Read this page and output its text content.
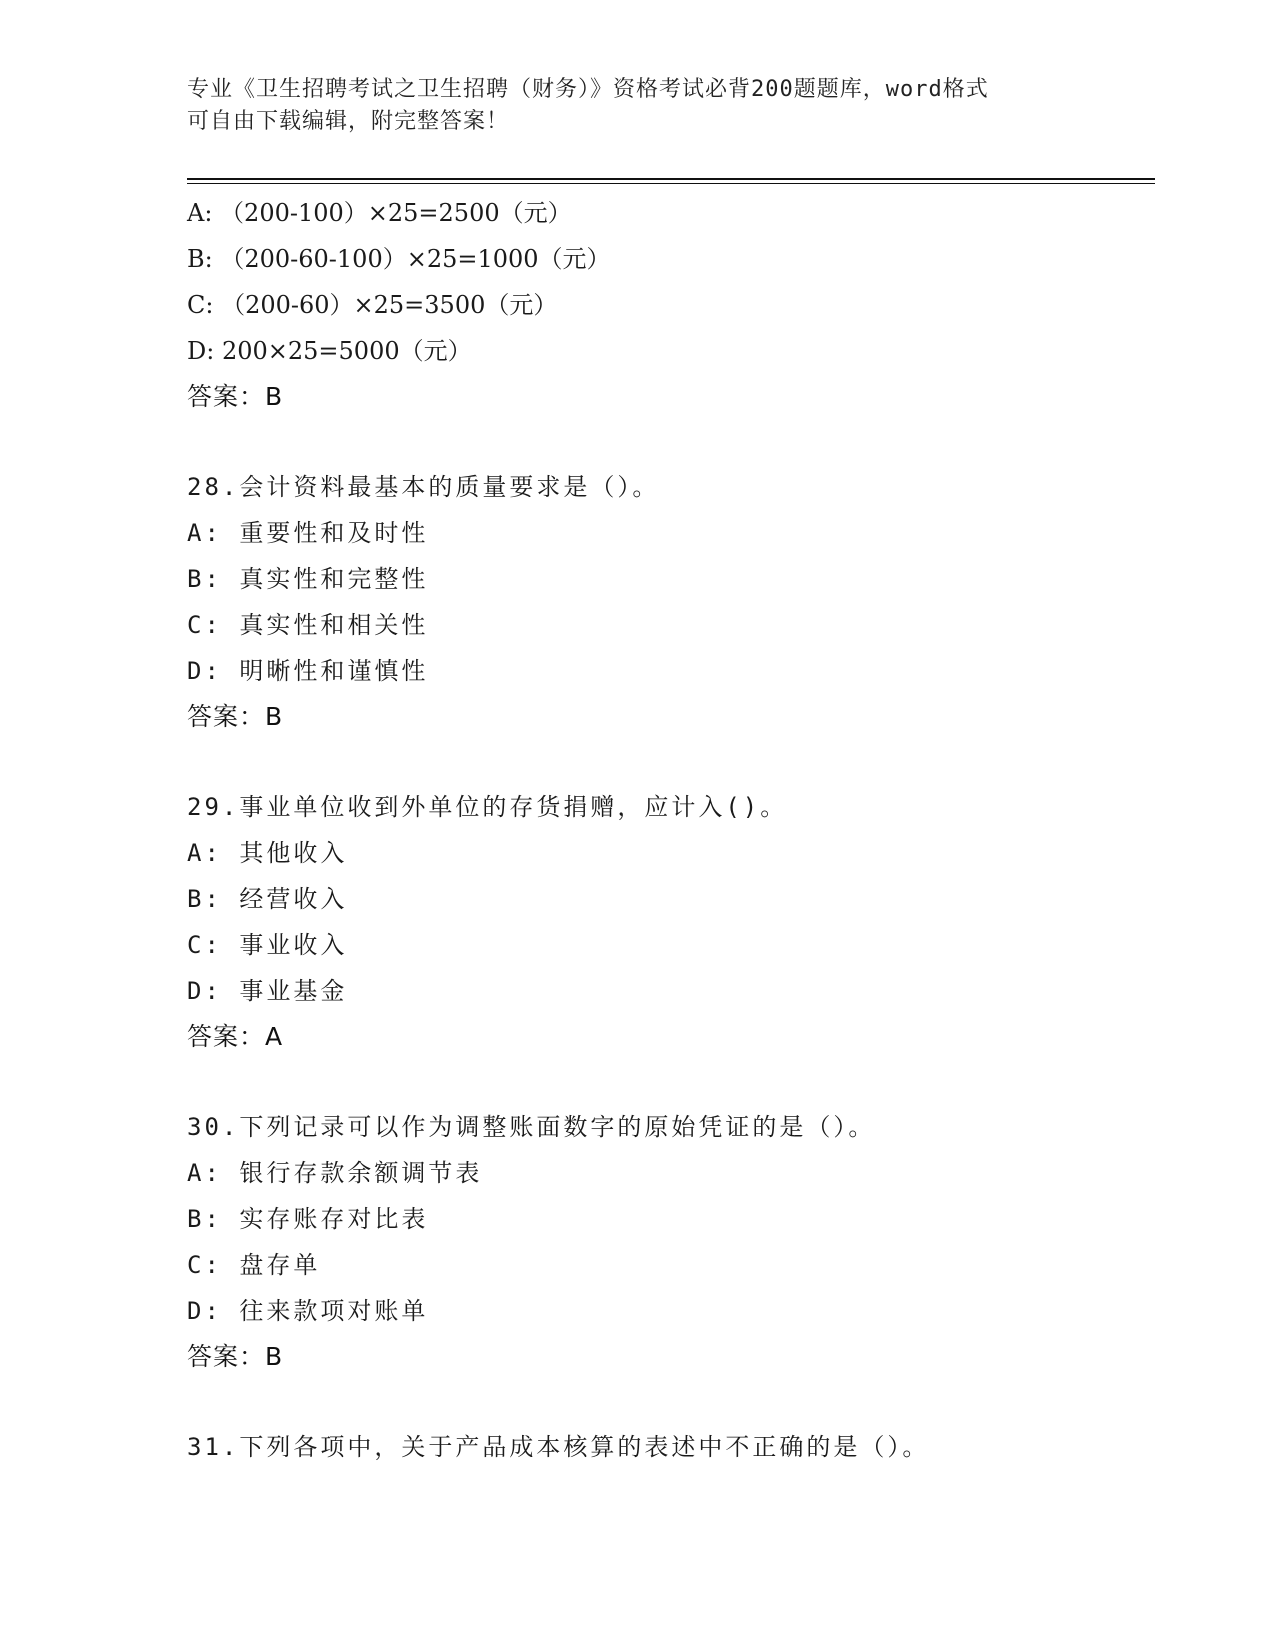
专业《卫生招聘考试之卫生招聘（财务）》资格考试必背200题题库，word格式
可自由下载编辑，附完整答案！
A: （200-100）×25=2500（元）
B: （200-60-100）×25=1000（元）
C: （200-60）×25=3500（元）
D: 200×25=5000（元）
答案：B
28.会计资料最基本的质量要求是（）。
A: 重要性和及时性
B: 真实性和完整性
C: 真实性和相关性
D: 明晰性和谨慎性
答案：B
29.事业单位收到外单位的存货捐赠，应计入()。
A: 其他收入
B: 经营收入
C: 事业收入
D: 事业基金
答案：A
30.下列记录可以作为调整账面数字的原始凭证的是（）。
A: 银行存款余额调节表
B: 实存账存对比表
C: 盘存单
D: 往来款项对账单
答案：B
31.下列各项中，关于产品成本核算的表述中不正确的是（）。
